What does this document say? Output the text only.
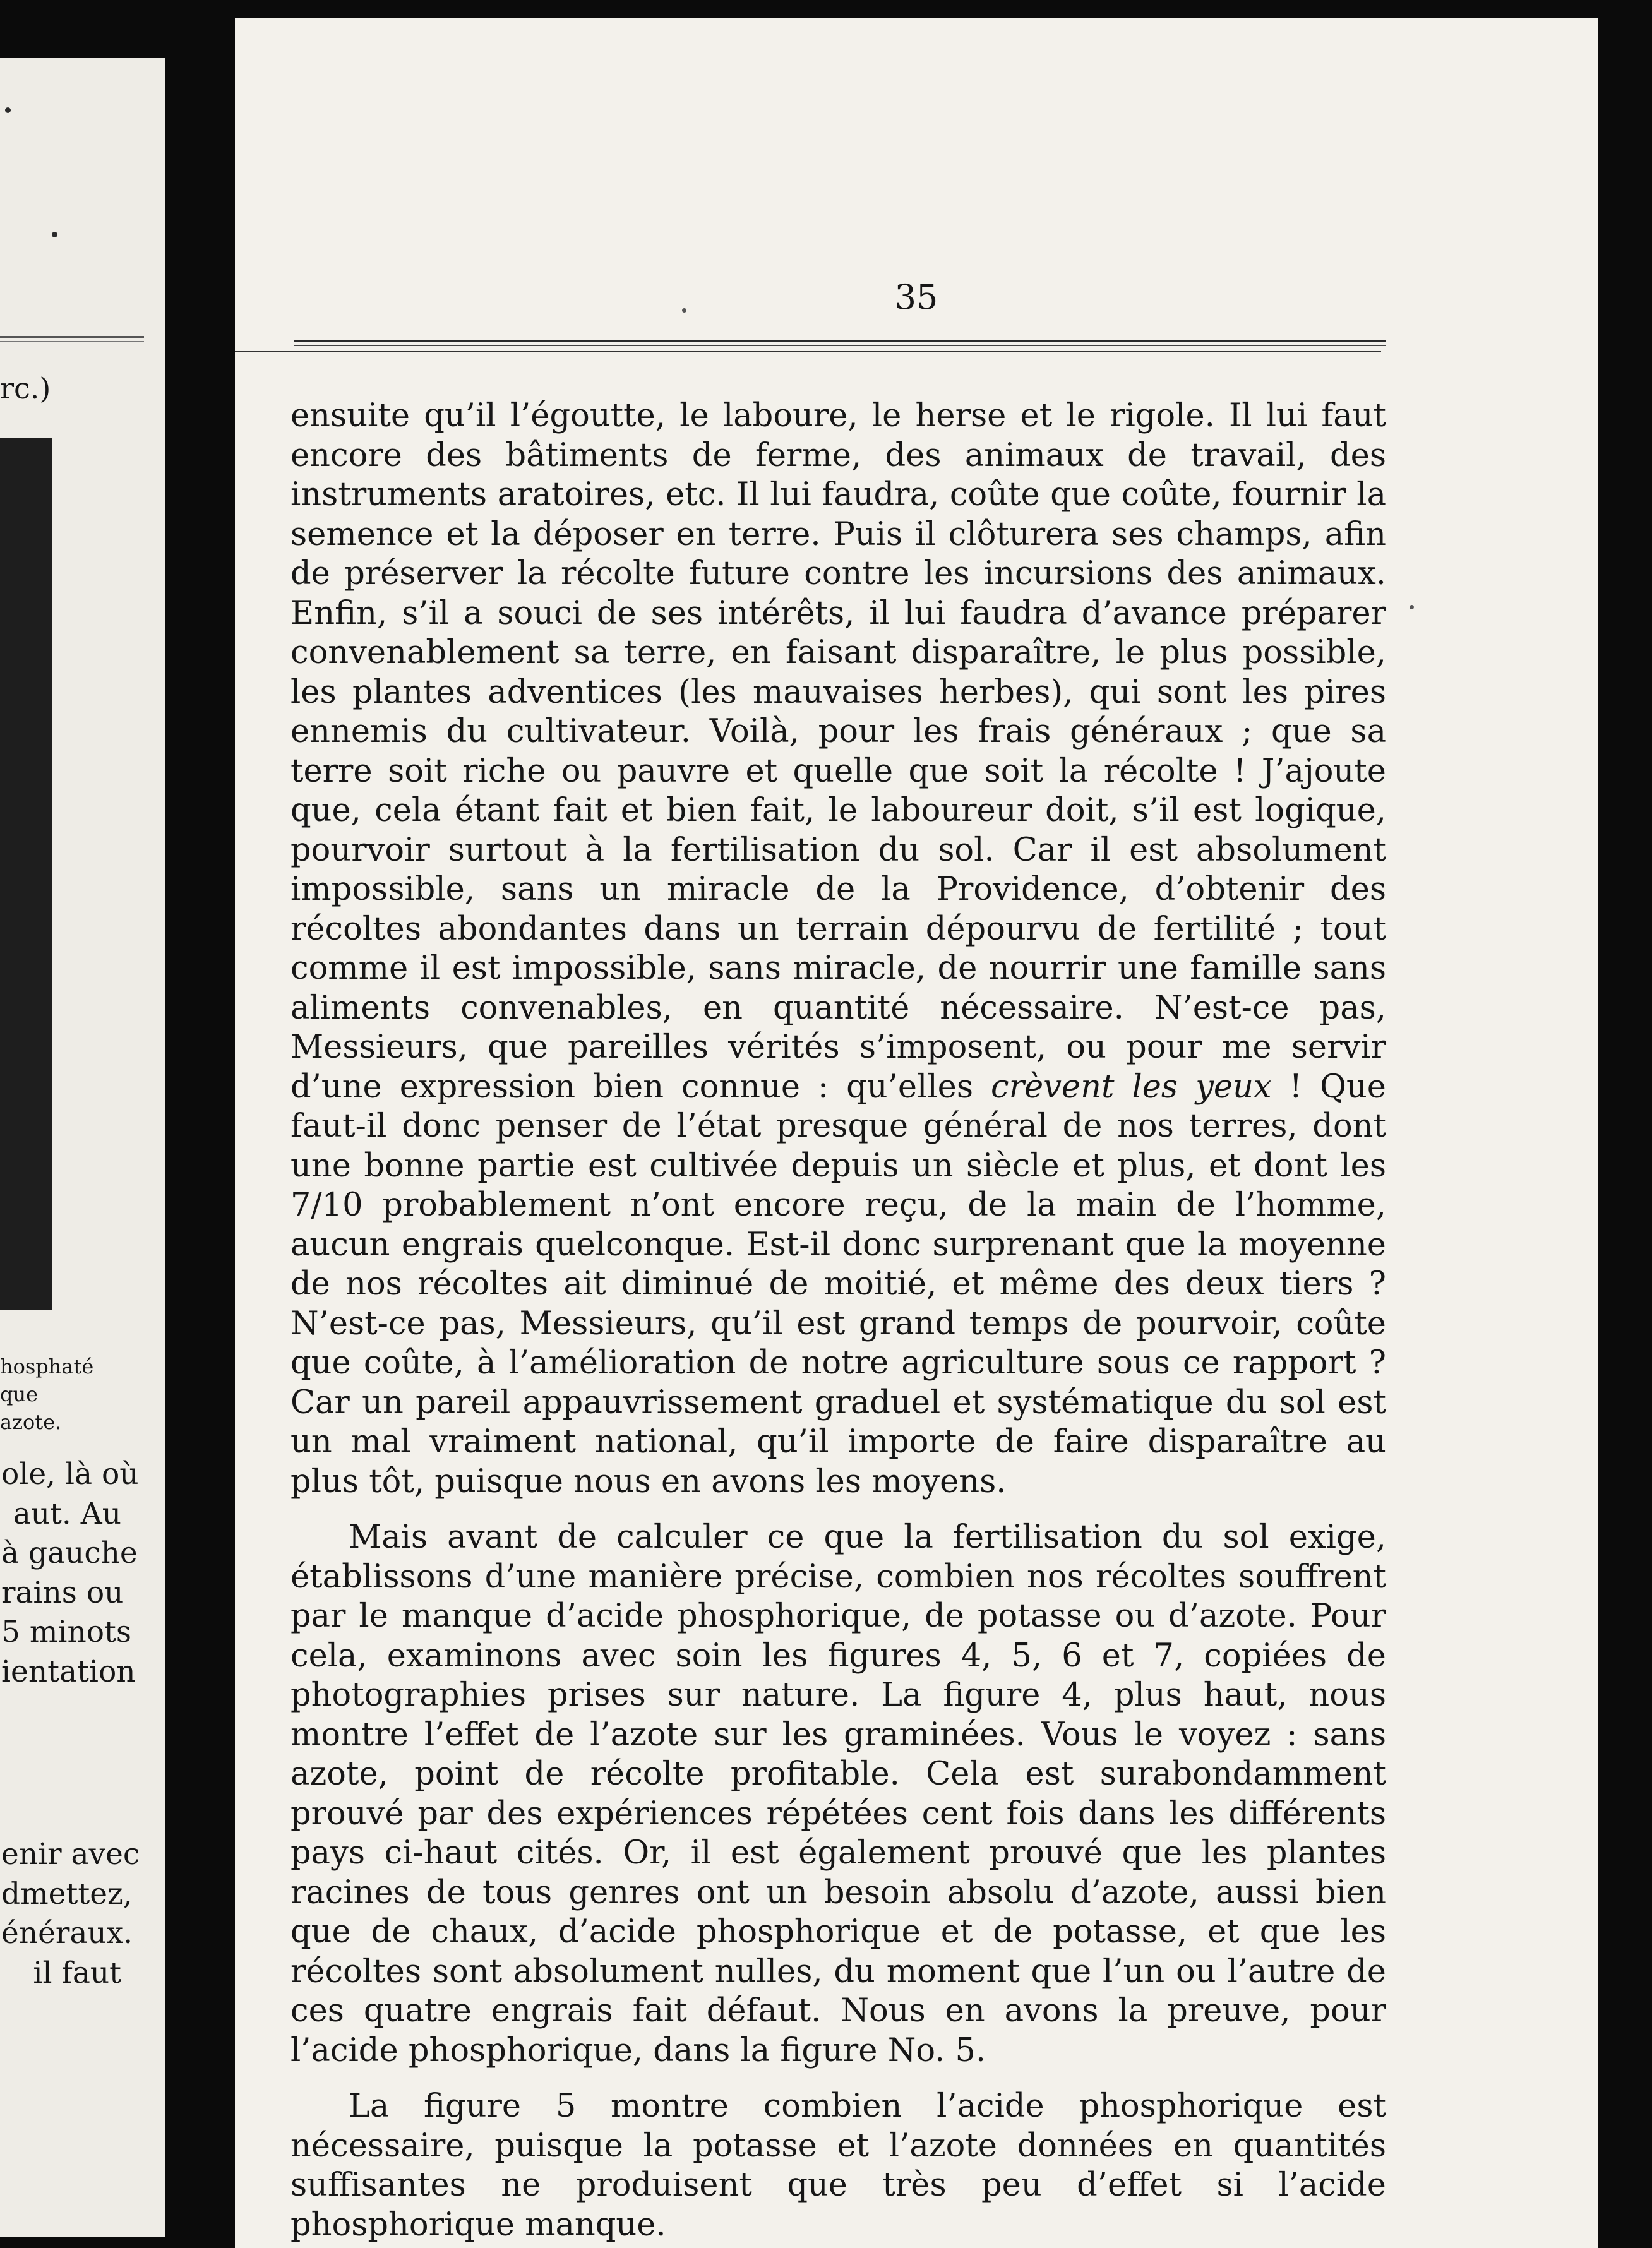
rc.)
hosphaté
que
azote.
ole, là où
aut. Au
à gauche
rains ou
5 minots
ientation
enir avec
dmettez,
énéraux.
il faut
35

ensuite qu’il l’égoutte, le laboure, le herse et le rigole. Il lui faut encore des bâtiments de ferme, des animaux de travail, des instruments aratoires, etc. Il lui faudra, coûte que coûte, fournir la semence et la déposer en terre. Puis il clôturera ses champs, afin de préserver la récolte future contre les incursions des animaux. Enfin, s’il a souci de ses intérêts, il lui faudra d’avance préparer convenablement sa terre, en faisant disparaître, le plus possible, les plantes adventices (les mauvaises herbes), qui sont les pires ennemis du cultivateur. Voilà, pour les frais généraux ; que sa terre soit riche ou pauvre et quelle que soit la récolte ! J’ajoute que, cela étant fait et bien fait, le laboureur doit, s’il est logique, pourvoir surtout à la fertilisation du sol. Car il est absolument impossible, sans un miracle de la Providence, d’obtenir des récoltes abondantes dans un terrain dépourvu de fertilité ; tout comme il est impossible, sans miracle, de nourrir une famille sans aliments convenables, en quantité nécessaire. N’est-ce pas, Messieurs, que pareilles vérités s’imposent, ou pour me servir d’une expression bien connue : qu’elles crèvent les yeux ! Que faut-il donc penser de l’état presque général de nos terres, dont une bonne partie est cultivée depuis un siècle et plus, et dont les 7/10 probablement n’ont encore reçu, de la main de l’homme, aucun engrais quelconque. Est-il donc surprenant que la moyenne de nos récoltes ait diminué de moitié, et même des deux tiers ? N’est-ce pas, Messieurs, qu’il est grand temps de pourvoir, coûte que coûte, à l’amélioration de notre agriculture sous ce rapport ? Car un pareil appauvrissement graduel et systématique du sol est un mal vraiment national, qu’il importe de faire disparaître au plus tôt, puisque nous en avons les moyens.

Mais avant de calculer ce que la fertilisation du sol exige, établissons d’une manière précise, combien nos récoltes souffrent par le manque d’acide phosphorique, de potasse ou d’azote. Pour cela, examinons avec soin les figures 4, 5, 6 et 7, copiées de photographies prises sur nature. La figure 4, plus haut, nous montre l’effet de l’azote sur les graminées. Vous le voyez : sans azote, point de récolte profitable. Cela est surabondamment prouvé par des expériences répétées cent fois dans les différents pays ci-haut cités. Or, il est également prouvé que les plantes racines de tous genres ont un besoin absolu d’azote, aussi bien que de chaux, d’acide phosphorique et de potasse, et que les récoltes sont absolument nulles, du moment que l’un ou l’autre de ces quatre engrais fait défaut. Nous en avons la preuve, pour l’acide phosphorique, dans la figure No. 5.

La figure 5 montre combien l’acide phosphorique est nécessaire, puisque la potasse et l’azote données en quantités suffisantes ne produisent que très peu d’effet si l’acide phosphorique manque.
